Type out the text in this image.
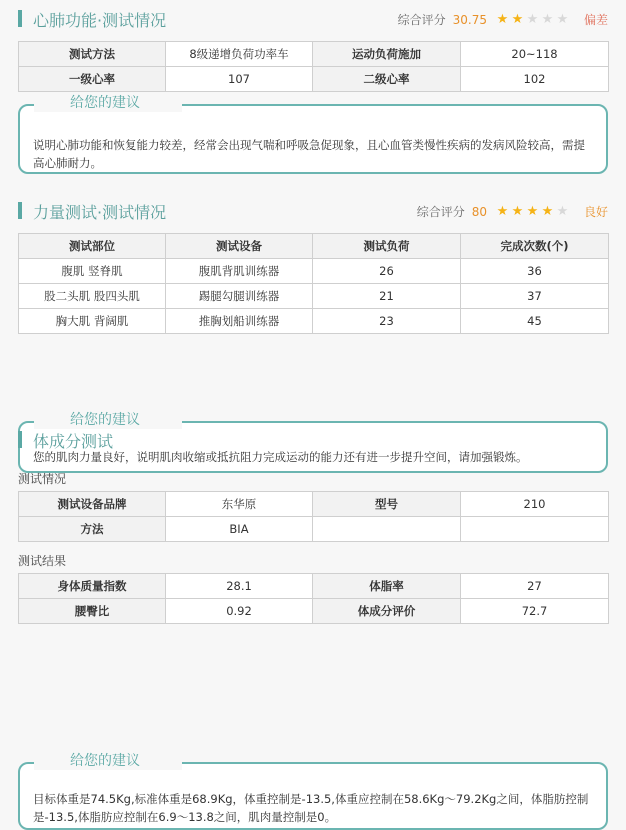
心肺功能·测试情况	综合评分 30.75 ★ ★ ★ ★ ★ 偏差
测试方法	8级递增负荷功率车	运动负荷施加	20~118
一级心率	107	二级心率	102
给您的建议
说明心肺功能和恢复能力较差，经常会出现气喘和呼吸急促现象，且心血管类慢性疾病的发病风险较高，需提高心肺耐力。
力量测试·测试情况	综合评分 80 ★ ★ ★ ★ ★ 良好
测试部位	测试设备	测试负荷	完成次数(个)
腹肌 竖脊肌	腹肌背肌训练器	26	36
股二头肌 股四头肌	踢腿勾腿训练器	21	37
胸大肌 背阔肌	推胸划船训练器	23	45
给您的建议
您的肌肉力量良好，说明肌肉收缩或抵抗阻力完成运动的能力还有进一步提升空间，请加强锻炼。
体成分测试
测试情况
测试设备品牌	东华原	型号	210
方法	BIA		
测试结果
身体质量指数	28.1	体脂率	27
腰臀比	0.92	体成分评价	72.7
给您的建议
目标体重是74.5Kg,标准体重是68.9Kg，体重控制是-13.5,体重应控制在58.6Kg～79.2Kg之间，体脂肪控制是-13.5,体脂肪应控制在6.9～13.8之间，肌肉量控制是0。
